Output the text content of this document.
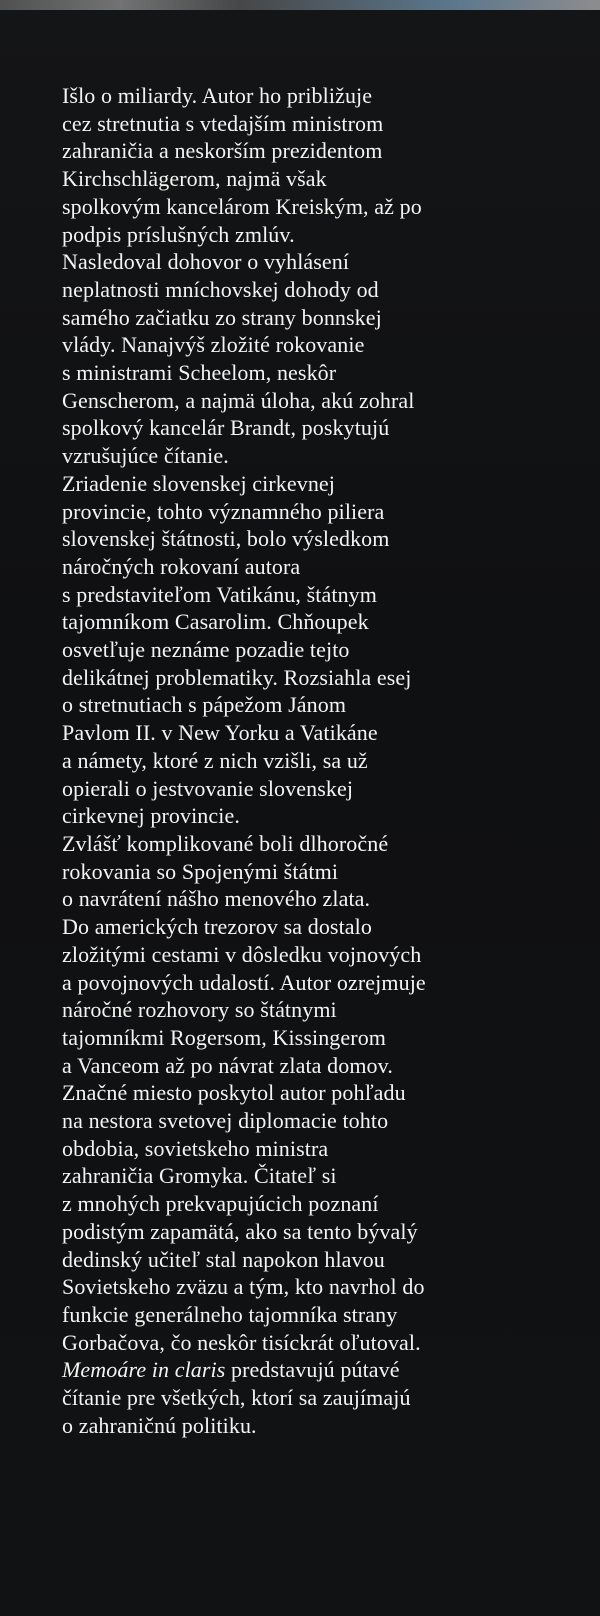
Išlo o miliardy. Autor ho približuje
cez stretnutia s vtedajším ministrom
zahraničia a neskorším prezidentom
Kirchschlägerom, najmä však
spolkovým kancelárom Kreiským, až po
podpis príslušných zmlúv.
Nasledoval dohovor o vyhlásení
neplatnosti mníchovskej dohody od
samého začiatku zo strany bonnskej
vlády. Nanajvýš zložité rokovanie
s ministrami Scheelom, neskôr
Genscherom, a najmä úloha, akú zohral
spolkový kancelár Brandt, poskytujú
vzrušujúce čítanie.
Zriadenie slovenskej cirkevnej
provincie, tohto významného piliera
slovenskej štátnosti, bolo výsledkom
náročných rokovaní autora
s predstaviteľom Vatikánu, štátnym
tajomníkom Casarolim. Chňoupek
osvetľuje neznáme pozadie tejto
delikátnej problematiky. Rozsiahla esej
o stretnutiach s pápežom Jánom
Pavlom II. v New Yorku a Vatikáne
a námety, ktoré z nich vzišli, sa už
opierali o jestvovanie slovenskej
cirkevnej provincie.
Zvlášť komplikované boli dlhoročné
rokovania so Spojenými štátmi
o navrátení nášho menového zlata.
Do amerických trezorov sa dostalo
zložitými cestami v dôsledku vojnových
a povojnových udalostí. Autor ozrejmuje
náročné rozhovory so štátnymi
tajomníkmi Rogersom, Kissingerom
a Vanceom až po návrat zlata domov.
Značné miesto poskytol autor pohľadu
na nestora svetovej diplomacie tohto
obdobia, sovietskeho ministra
zahraničia Gromyka. Čitateľ si
z mnohých prekvapujúcich poznaní
podistým zapamätá, ako sa tento bývalý
dedinský učiteľ stal napokon hlavou
Sovietskeho zväzu a tým, kto navrhol do
funkcie generálneho tajomníka strany
Gorbačova, čo neskôr tisíckrát oľutoval.
Memoáre in claris predstavujú pútavé
čítanie pre všetkých, ktorí sa zaujímajú
o zahraničnú politiku.
